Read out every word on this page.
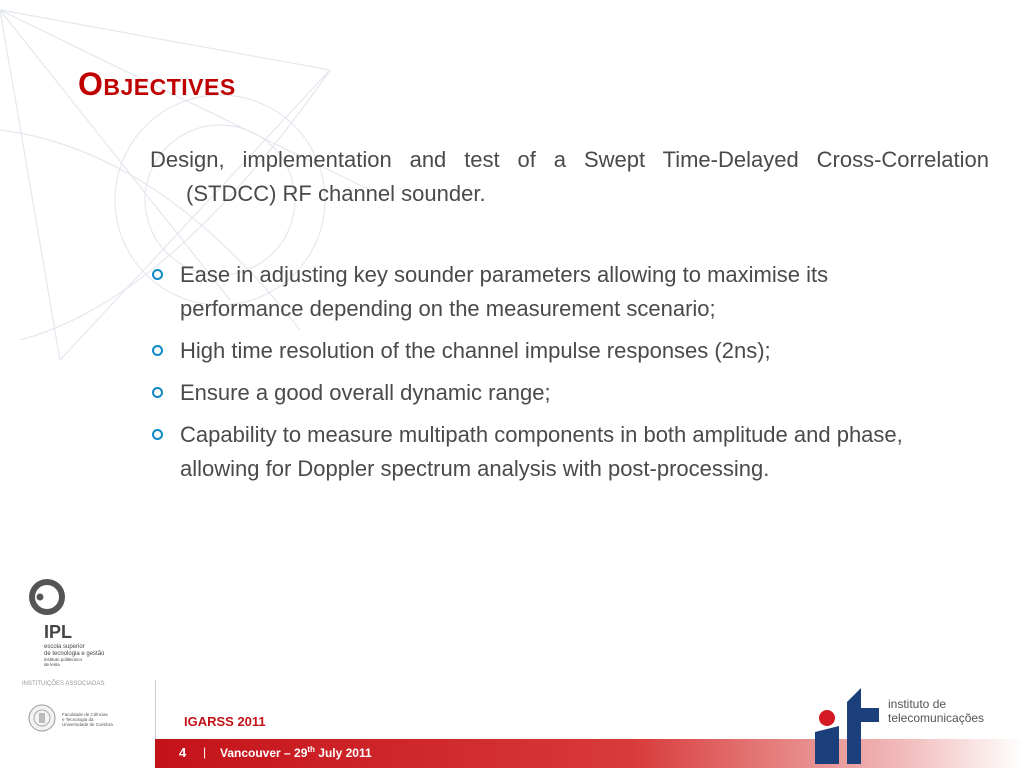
OBJECTIVES
Design, implementation and test of a Swept Time-Delayed Cross-Correlation (STDCC) RF channel sounder.
Ease in adjusting key sounder parameters allowing to maximise its performance depending on the measurement scenario;
High time resolution of the channel impulse responses (2ns);
Ensure a good overall dynamic range;
Capability to measure multipath components in both amplitude and phase, allowing for Doppler spectrum analysis with post-processing.
IPL
escola superior
de tecnologia e gestão
instituto politécnico
de leiria
INSTITUIÇÕES ASSOCIADAS:
Faculdade de Ciências
e Tecnologia da
Universidade de Coimbra	IGARSS 2011
4 | Vancouver – 29th July 2011
instituto de
telecomunicações
